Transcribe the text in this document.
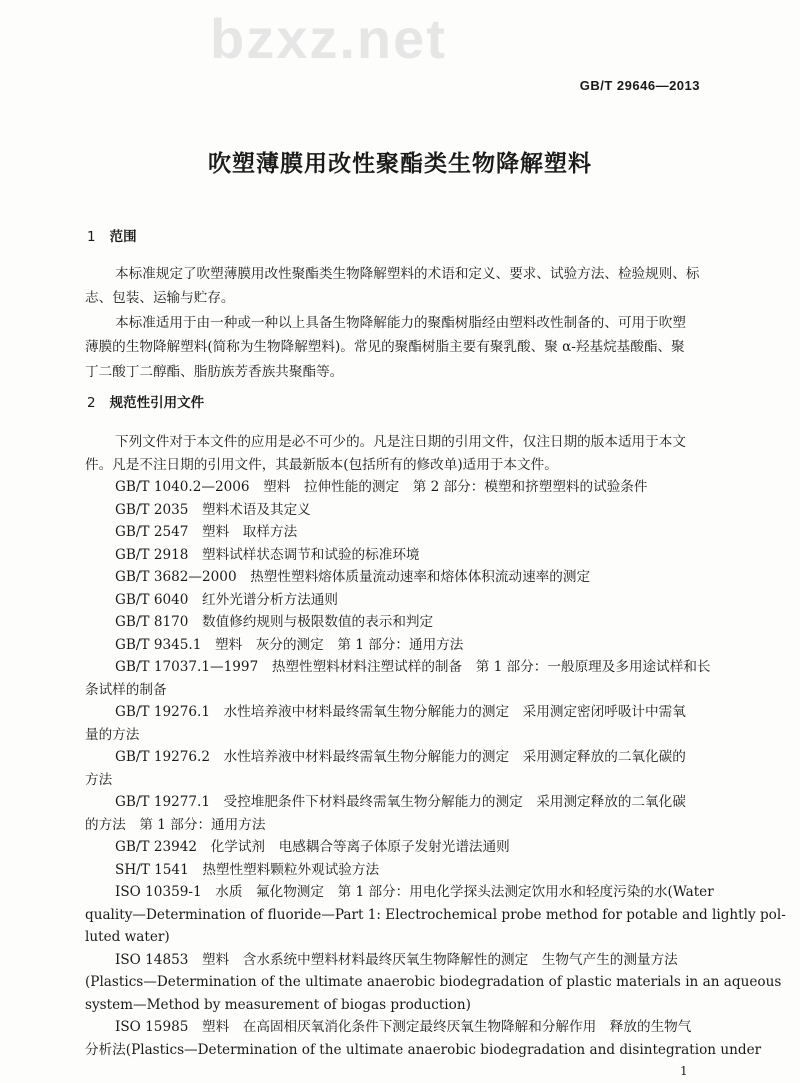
GB/T 29646—2013
bzxz.net
吹塑薄膜用改性聚酯类生物降解塑料
1 范围
本标准规定了吹塑薄膜用改性聚酯类生物降解塑料的术语和定义、要求、试验方法、检验规则、标
志、包装、运输与贮存。
本标准适用于由一种或一种以上具备生物降解能力的聚酯树脂经由塑料改性制备的、可用于吹塑
薄膜的生物降解塑料(简称为生物降解塑料)。常见的聚酯树脂主要有聚乳酸、聚 α-羟基烷基酸酯、聚
丁二酸丁二醇酯、脂肪族芳香族共聚酯等。
2 规范性引用文件
下列文件对于本文件的应用是必不可少的。凡是注日期的引用文件，仅注日期的版本适用于本文
件。凡是不注日期的引用文件，其最新版本(包括所有的修改单)适用于本文件。
GB/T 1040.2—2006　塑料　拉伸性能的测定　第 2 部分：模塑和挤塑塑料的试验条件
GB/T 2035　塑料术语及其定义
GB/T 2547　塑料　取样方法
GB/T 2918　塑料试样状态调节和试验的标准环境
GB/T 3682—2000　热塑性塑料熔体质量流动速率和熔体体积流动速率的测定
GB/T 6040　红外光谱分析方法通则
GB/T 8170　数值修约规则与极限数值的表示和判定
GB/T 9345.1　塑料　灰分的测定　第 1 部分：通用方法
GB/T 17037.1—1997　热塑性塑料材料注塑试样的制备　第 1 部分：一般原理及多用途试样和长
条试样的制备
GB/T 19276.1　水性培养液中材料最终需氧生物分解能力的测定　采用测定密闭呼吸计中需氧
量的方法
GB/T 19276.2　水性培养液中材料最终需氧生物分解能力的测定　采用测定释放的二氧化碳的
方法
GB/T 19277.1　受控堆肥条件下材料最终需氧生物分解能力的测定　采用测定释放的二氧化碳
的方法　第 1 部分：通用方法
GB/T 23942　化学试剂　电感耦合等离子体原子发射光谱法通则
SH/T 1541　热塑性塑料颗粒外观试验方法
ISO 10359-1　水质　氟化物测定　第 1 部分：用电化学探头法测定饮用水和轻度污染的水(Water
quality—Determination of fluoride—Part 1: Electrochemical probe method for potable and lightly pol-
luted water)
ISO 14853　塑料　含水系统中塑料材料最终厌氧生物降解性的测定　生物气产生的测量方法
(Plastics—Determination of the ultimate anaerobic biodegradation of plastic materials in an aqueous
system—Method by measurement of biogas production)
ISO 15985　塑料　在高固相厌氧消化条件下测定最终厌氧生物降解和分解作用　释放的生物气
分析法(Plastics—Determination of the ultimate anaerobic biodegradation and disintegration under
1
